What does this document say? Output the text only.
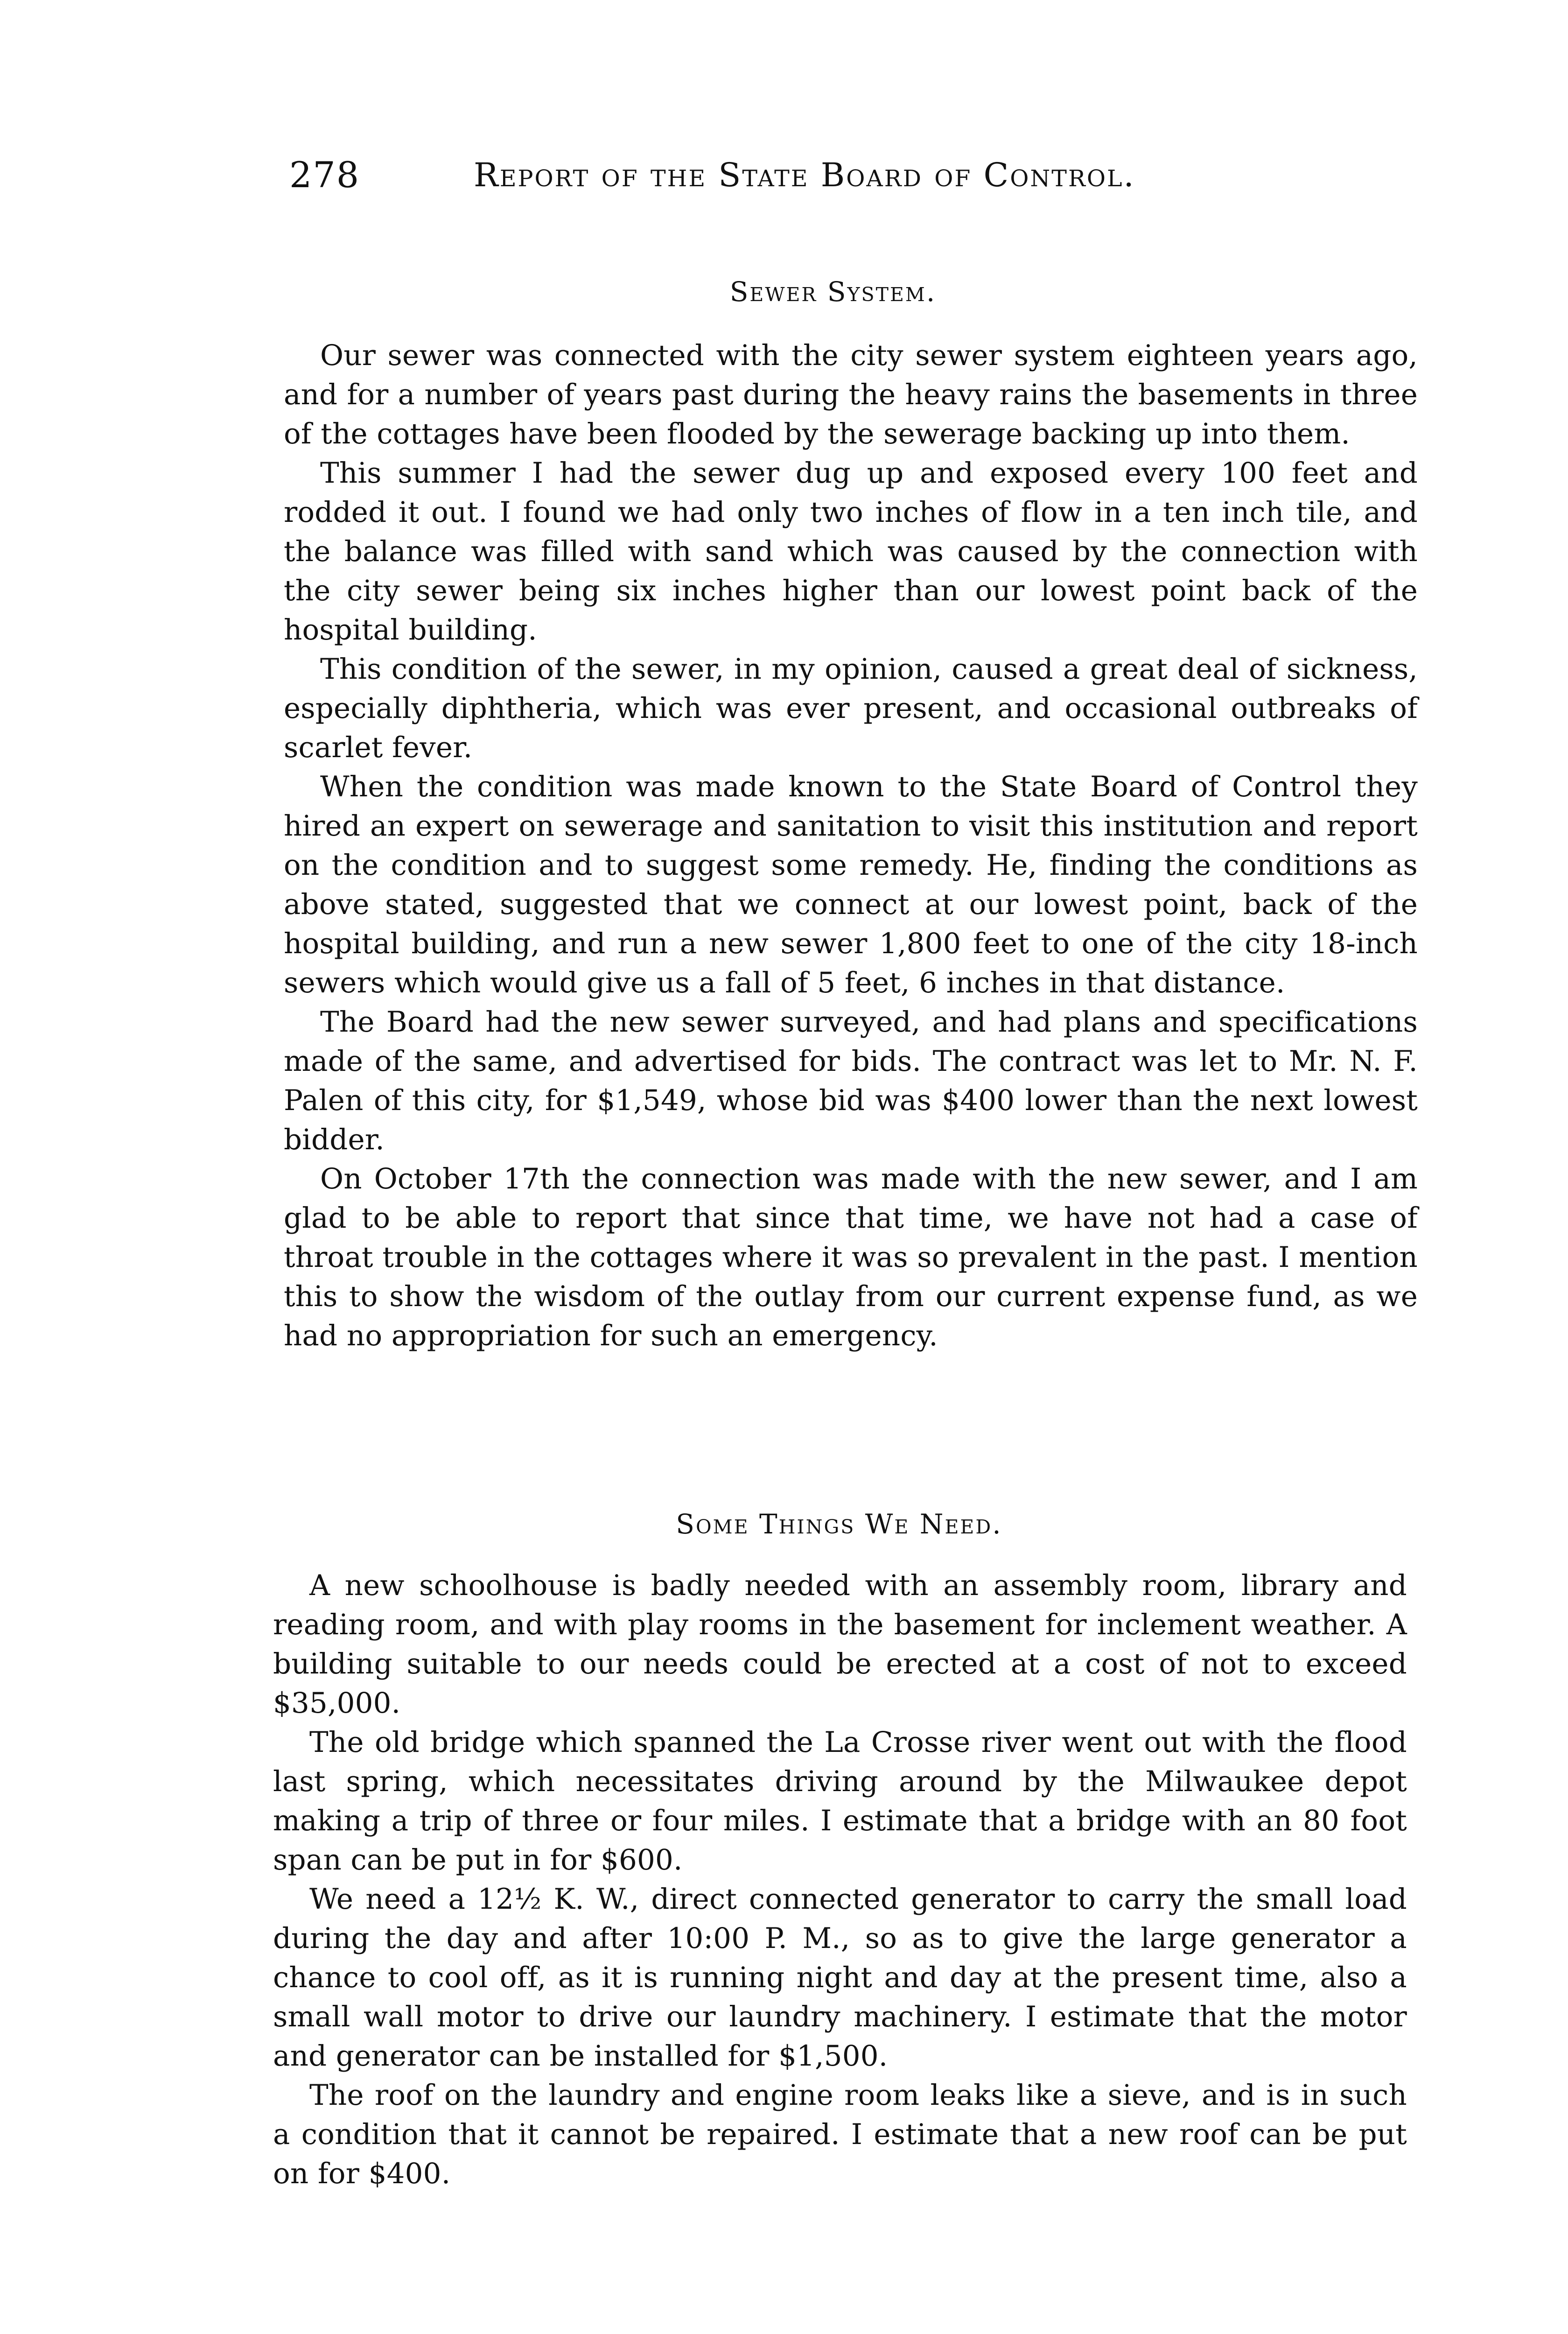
278	Report of the State Board of Control.
Sewer System.

Our sewer was connected with the city sewer system eighteen years ago, and for a number of years past during the heavy rains the basements in three of the cottages have been flooded by the sewerage backing up into them.

This summer I had the sewer dug up and exposed every 100 feet and rodded it out. I found we had only two inches of flow in a ten inch tile, and the balance was filled with sand which was caused by the connection with the city sewer being six inches higher than our lowest point back of the hospital building.

This condition of the sewer, in my opinion, caused a great deal of sickness, especially diphtheria, which was ever present, and occasional outbreaks of scarlet fever.

When the condition was made known to the State Board of Control they hired an expert on sewerage and sanitation to visit this institution and report on the condition and to suggest some remedy. He, finding the conditions as above stated, suggested that we connect at our lowest point, back of the hospital building, and run a new sewer 1,800 feet to one of the city 18-inch sewers which would give us a fall of 5 feet, 6 inches in that distance.

The Board had the new sewer surveyed, and had plans and specifications made of the same, and advertised for bids. The contract was let to Mr. N. F. Palen of this city, for $1,549, whose bid was $400 lower than the next lowest bidder.

On October 17th the connection was made with the new sewer, and I am glad to be able to report that since that time, we have not had a case of throat trouble in the cottages where it was so prevalent in the past. I mention this to show the wisdom of the outlay from our current expense fund, as we had no appropriation for such an emergency.

Some Things We Need.

A new schoolhouse is badly needed with an assembly room, library and reading room, and with play rooms in the basement for inclement weather. A building suitable to our needs could be erected at a cost of not to exceed $35,000.

The old bridge which spanned the La Crosse river went out with the flood last spring, which necessitates driving around by the Milwaukee depot making a trip of three or four miles. I estimate that a bridge with an 80 foot span can be put in for $600.

We need a 12½ K. W., direct connected generator to carry the small load during the day and after 10:00 P. M., so as to give the large generator a chance to cool off, as it is running night and day at the present time, also a small wall motor to drive our laundry machinery. I estimate that the motor and generator can be installed for $1,500.

The roof on the laundry and engine room leaks like a sieve, and is in such a condition that it cannot be repaired. I estimate that a new roof can be put on for $400.
